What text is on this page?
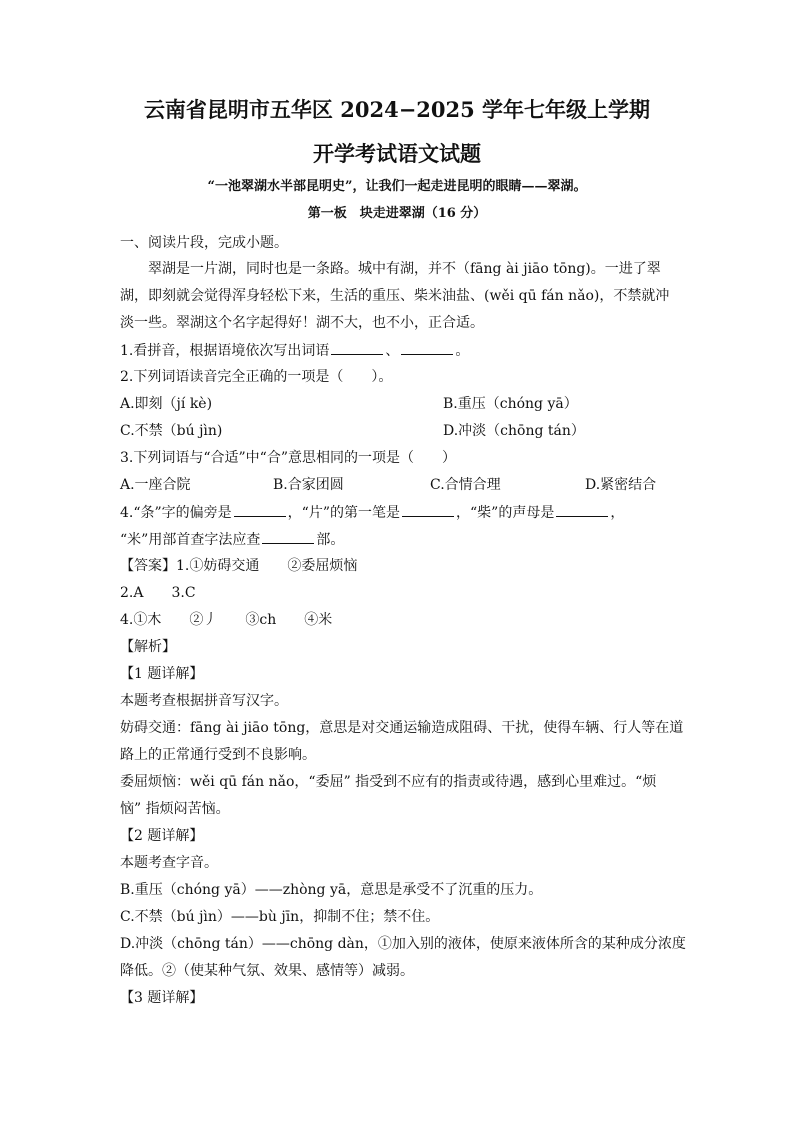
云南省昆明市五华区 2024−2025 学年七年级上学期
开学考试语文试题
“一池翠湖水半部昆明史”，让我们一起走进昆明的眼睛——翠湖。
第一板　块走进翠湖（16 分）
一、阅读片段，完成小题。
　　翠湖是一片湖，同时也是一条路。城中有湖，并不（fāng ài jiāo tōng)。一进了翠
湖，即刻就会觉得浑身轻松下来，生活的重压、柴米油盐、(wěi qū fán nǎo)，不禁就冲
淡一些。翠湖这个名字起得好！湖不大，也不小，正合适。
1.看拼音，根据语境依次写出词语	、	。
2.下列词语读音完全正确的一项是（　　）。
A.即刻（jí kè)	B.重压（chóng yā）
C.不禁（bú jìn)	D.冲淡（chōng tán）
3.下列词语与“合适”中“合”意思相同的一项是（　　）
A.一座合院	B.合家团圆	C.合情合理	D.紧密结合
4.“条”字的偏旁是	，“片”的第一笔是	，“柴”的声母是	，
“米”用部首查字法应查	部。
【答案】1.①妨碍交通　　②委屈烦恼
2.A　　3.C
4.①木　　②丿　　③ch　　④米
【解析】
【1 题详解】
本题考查根据拼音写汉字。
妨碍交通：fāng ài jiāo tōng，意思是对交通运输造成阻碍、干扰，使得车辆、行人等在道
路上的正常通行受到不良影响。
委屈烦恼：wěi qū fán nǎo，“委屈” 指受到不应有的指责或待遇，感到心里难过。“烦
恼” 指烦闷苦恼。
【2 题详解】
本题考查字音。
B.重压（chóng yā）——zhòng yā，意思是承受不了沉重的压力。
C.不禁（bú jìn）——bù jīn，抑制不住；禁不住。
D.冲淡（chōng tán）——chōng dàn，①加入别的液体，使原来液体所含的某种成分浓度
降低。②（使某种气氛、效果、感情等）减弱。
【3 题详解】
